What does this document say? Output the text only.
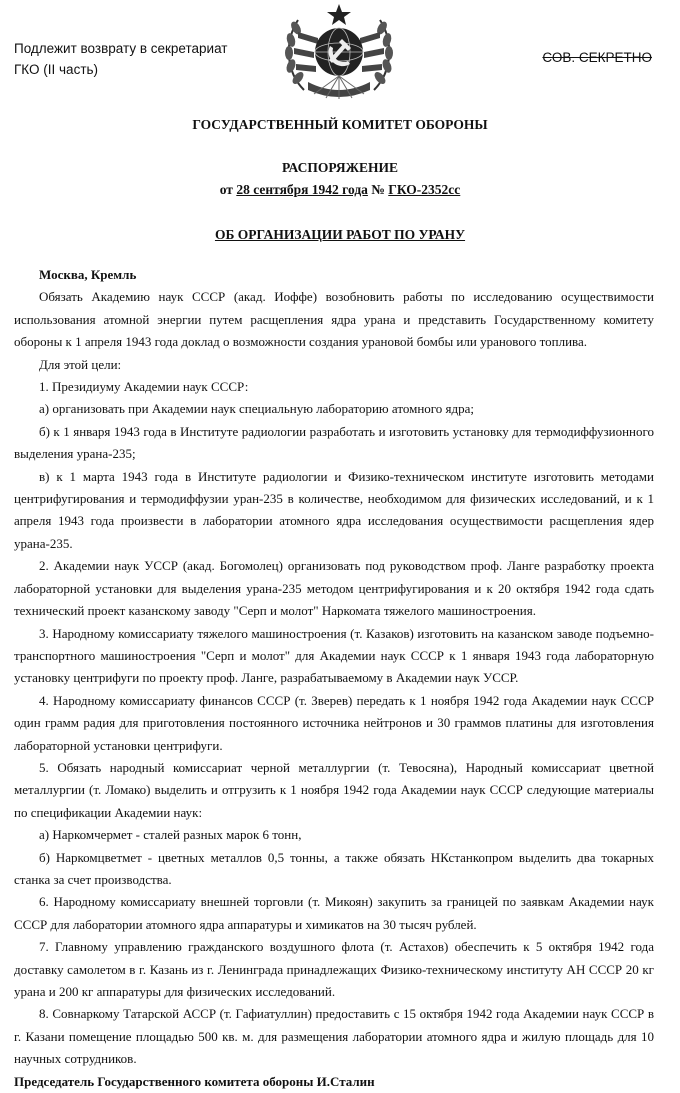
Подлежит возврату в секретариат
ГКО (II часть)
СОВ. СЕКРЕТНО
ГОСУДАРСТВЕННЫЙ КОМИТЕТ ОБОРОНЫ
РАСПОРЯЖЕНИЕ
от 28 сентября 1942 года № ГКО-2352сс
ОБ ОРГАНИЗАЦИИ РАБОТ ПО УРАНУ

Москва, Кремль

Обязать Академию наук СССР (акад. Иоффе) возобновить работы по исследованию осуществимости использования атомной энергии путем расщепления ядра урана и представить Государственному комитету обороны к 1 апреля 1943 года доклад о возможности создания урановой бомбы или уранового топлива.

Для этой цели:

1. Президиуму Академии наук СССР:

а) организовать при Академии наук специальную лабораторию атомного ядра;

б) к 1 января 1943 года в Институте радиологии разработать и изготовить установку для термодиффузионного выделения урана-235;

в) к 1 марта 1943 года в Институте радиологии и Физико-техническом институте изготовить методами центрифугирования и термодиффузии уран-235 в количестве, необходимом для физических исследований, и к 1 апреля 1943 года произвести в лаборатории атомного ядра исследования осуществимости расщепления ядер урана-235.

2. Академии наук УССР (акад. Богомолец) организовать под руководством проф. Ланге разработку проекта лабораторной установки для выделения урана-235 методом центрифугирования и к 20 октября 1942 года сдать технический проект казанскому заводу "Серп и молот" Наркомата тяжелого машиностроения.

3. Народному комиссариату тяжелого машиностроения (т. Казаков) изготовить на казанском заводе подъемно-транспортного машиностроения "Серп и молот" для Академии наук СССР к 1 января 1943 года лабораторную установку центрифуги по проекту проф. Ланге, разрабатываемому в Академии наук УССР.

4. Народному комиссариату финансов СССР (т. Зверев) передать к 1 ноября 1942 года Академии наук СССР один грамм радия для приготовления постоянного источника нейтронов и 30 граммов платины для изготовления лабораторной установки центрифуги.

5. Обязать народный комиссариат черной металлургии (т. Тевосяна), Народный комиссариат цветной металлургии (т. Ломако) выделить и отгрузить к 1 ноября 1942 года Академии наук СССР следующие материалы по спецификации Академии наук:

а) Наркомчермет - сталей разных марок 6 тонн,

б) Наркомцветмет - цветных металлов 0,5 тонны, а также обязать НКстанкопром выделить два токарных станка за счет производства.

6. Народному комиссариату внешней торговли (т. Микоян) закупить за границей по заявкам Академии наук СССР для лаборатории атомного ядра аппаратуры и химикатов на 30 тысяч рублей.

7. Главному управлению гражданского воздушного флота (т. Астахов) обеспечить к 5 октября 1942 года доставку самолетом в г. Казань из г. Ленинграда принадлежащих Физико-техническому институту АН СССР 20 кг урана и 200 кг аппаратуры для физических исследований.

8. Совнаркому Татарской АССР (т. Гафиатуллин) предоставить с 15 октября 1942 года Академии наук СССР в г. Казани помещение площадью 500 кв. м. для размещения лаборатории атомного ядра и жилую площадь для 10 научных сотрудников.

Председатель Государственного комитета обороны И.Сталин
